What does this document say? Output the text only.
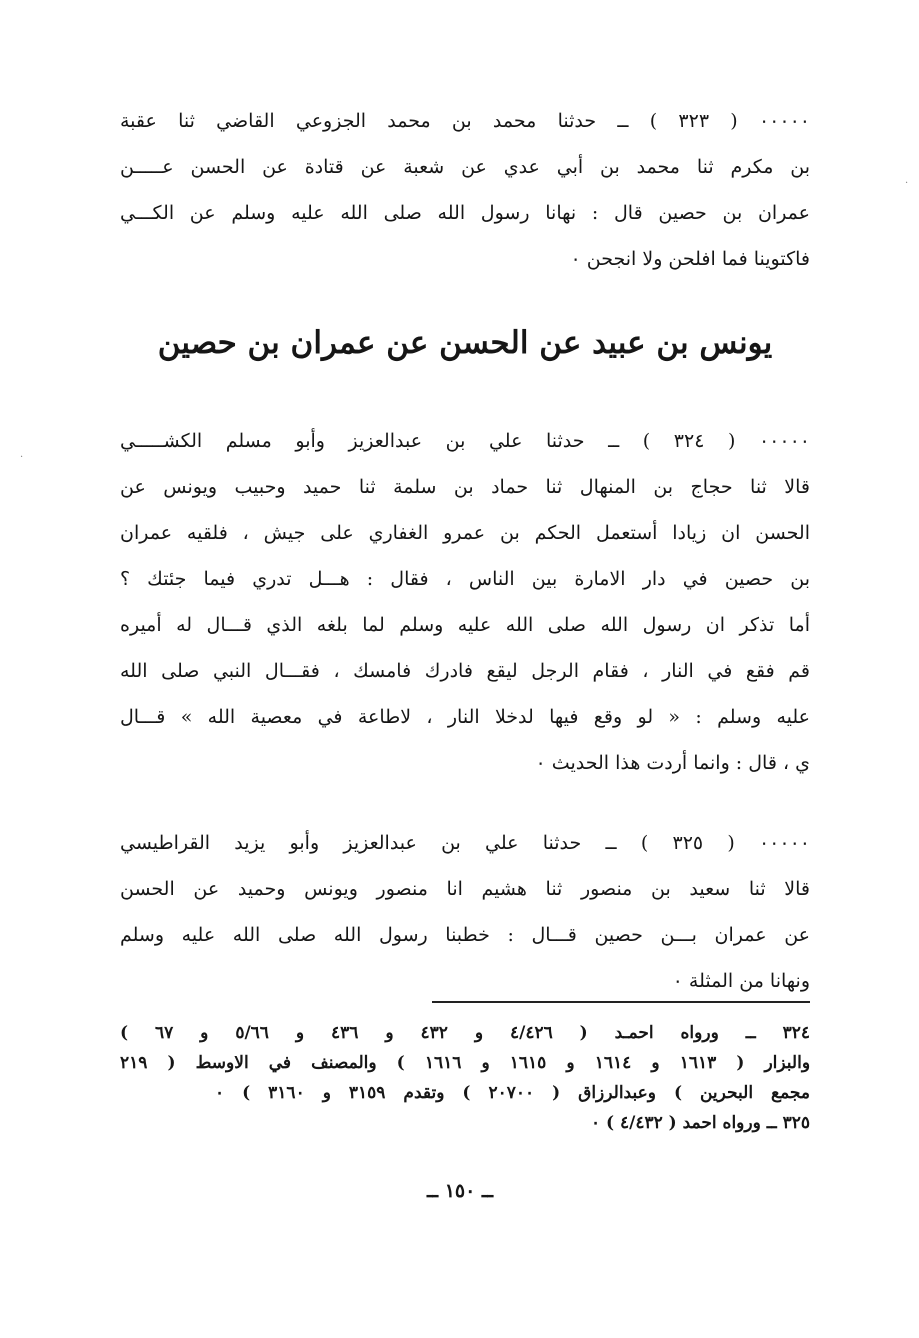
٠٠٠٠٠ ( ٣٢٣ ) ــ حدثنا محمد بن محمد الجزوعي القاضي ثنا عقبة
بن مكرم ثنا محمد بن أبي عدي عن شعبة عن قتادة عن الحسن عـــــن
عمران بن حصين قال : نهانا رسول الله صلى الله عليه وسلم عن الكـــي
فاكتوينا فما افلحن ولا انجحن ٠
يونس بن عبيد عن الحسن عن عمران بن حصين
٠٠٠٠٠ ( ٣٢٤ ) ــ حدثنا علي بن عبدالعزيز وأبو مسلم الكشـــــي
قالا ثنا حجاج بن المنهال ثنا حماد بن سلمة ثنا حميد وحبيب ويونس عن
الحسن ان زيادا أستعمل الحكم بن عمرو الغفاري على جيش ، فلقيه عمران
بن حصين في دار الامارة بين الناس ، فقال : هـــل تدري فيما جئتك ؟
أما تذكر ان رسول الله صلى الله عليه وسلم لما بلغه الذي قـــال له أميره
قم فقع في النار ، فقام الرجل ليقع فادرك فامسك ، فقـــال النبي صلى الله
عليه وسلم : « لو وقع فيها لدخلا النار ، لاطاعة في معصية الله » قـــال
ي ، قال : وانما أردت هذا الحديث ٠
٠٠٠٠٠ ( ٣٢٥ ) ــ حدثنا علي بن عبدالعزيز وأبو يزيد القراطيسي
قالا ثنا سعيد بن منصور ثنا هشيم انا منصور ويونس وحميد عن الحسن
عن عمران بـــن حصين قـــال : خطبنا رسول الله صلى الله عليه وسلم
ونهانا من المثلة ٠
٣٢٤ ــ ورواه احمـد ( ٤/٤٢٦ و ٤٣٢ و ٤٣٦ و ٥/٦٦ و ٦٧ )
والبزار ( ١٦١٣ و ١٦١٤ و ١٦١٥ و ١٦١٦ ) والمصنف في الاوسط ( ٢١٩
مجمع البحرين ) وعبدالرزاق ( ٢٠٧٠٠ ) وتقدم ٣١٥٩ و ٣١٦٠ ) ٠
٣٢٥ ــ ورواه احمد ( ٤/٤٣٢ ) ٠
ــ ١٥٠ ــ
·
·
